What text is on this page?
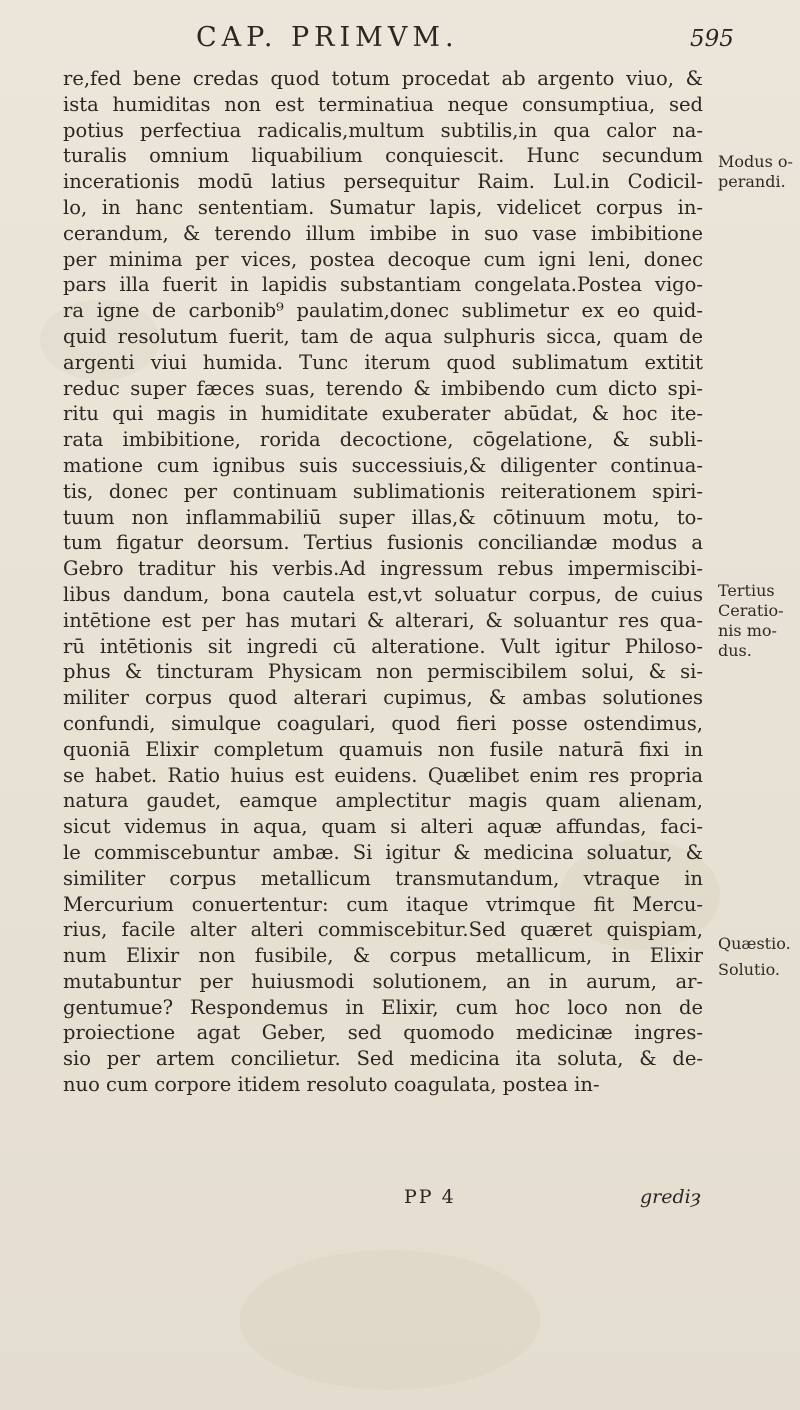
CAP. PRIMVM.	595
re,fed bene credas quod totum procedat ab argento viuo, &
ista humiditas non est terminatiua neque consumptiua, sed
potius perfectiua radicalis,multum subtilis,in qua calor na-
turalis omnium liquabilium conquiescit. Hunc secundum
incerationis modū latius persequitur Raim. Lul.in Codicil-
lo, in hanc sententiam. Sumatur lapis, videlicet corpus in-
cerandum, & terendo illum imbibe in suo vase imbibitione
per minima per vices, postea decoque cum igni leni, donec
pars illa fuerit in lapidis substantiam congelata.Postea vigo-
ra igne de carbonib⁹ paulatim,donec sublimetur ex eo quid-
quid resolutum fuerit, tam de aqua sulphuris sicca, quam de
argenti viui humida. Tunc iterum quod sublimatum extitit
reduc super fæces suas, terendo & imbibendo cum dicto spi-
ritu qui magis in humiditate exuberater abūdat, & hoc ite-
rata imbibitione, rorida decoctione, cōgelatione, & subli-
matione cum ignibus suis successiuis,& diligenter continua-
tis, donec per continuam sublimationis reiterationem spiri-
tuum non inflammabiliū super illas,& cōtinuum motu, to-
tum figatur deorsum. Tertius fusionis conciliandæ modus a
Gebro traditur his verbis.Ad ingressum rebus impermiscibi-
libus dandum, bona cautela est,vt soluatur corpus, de cuius
intētione est per has mutari & alterari, & soluantur res qua-
rū intētionis sit ingredi cū alteratione. Vult igitur Philoso-
phus & tincturam Physicam non permiscibilem solui, & si-
militer corpus quod alterari cupimus, & ambas solutiones
confundi, simulque coagulari, quod fieri posse ostendimus,
quoniā Elixir completum quamuis non fusile naturā fixi in
se habet. Ratio huius est euidens. Quælibet enim res propria
natura gaudet, eamque amplectitur magis quam alienam,
sicut videmus in aqua, quam si alteri aquæ affundas, faci-
le commiscebuntur ambæ. Si igitur & medicina soluatur, &
similiter corpus metallicum transmutandum, vtraque in
Mercurium conuertentur: cum itaque vtrimque fit Mercu-
rius, facile alter alteri commiscebitur.Sed quæret quispiam,
num Elixir non fusibile, & corpus metallicum, in Elixir
mutabuntur per huiusmodi solutionem, an in aurum, ar-
gentumue? Respondemus in Elixir, cum hoc loco non de
proiectione agat Geber, sed quomodo medicinæ ingres-
sio per artem concilietur. Sed medicina ita soluta, & de-
nuo cum corpore itidem resoluto coagulata, postea in-
Modus o-
perandi.
Tertius
Ceratio-
nis mo-
dus.
Quæstio.
Solutio.
PP 4	grediȝ
